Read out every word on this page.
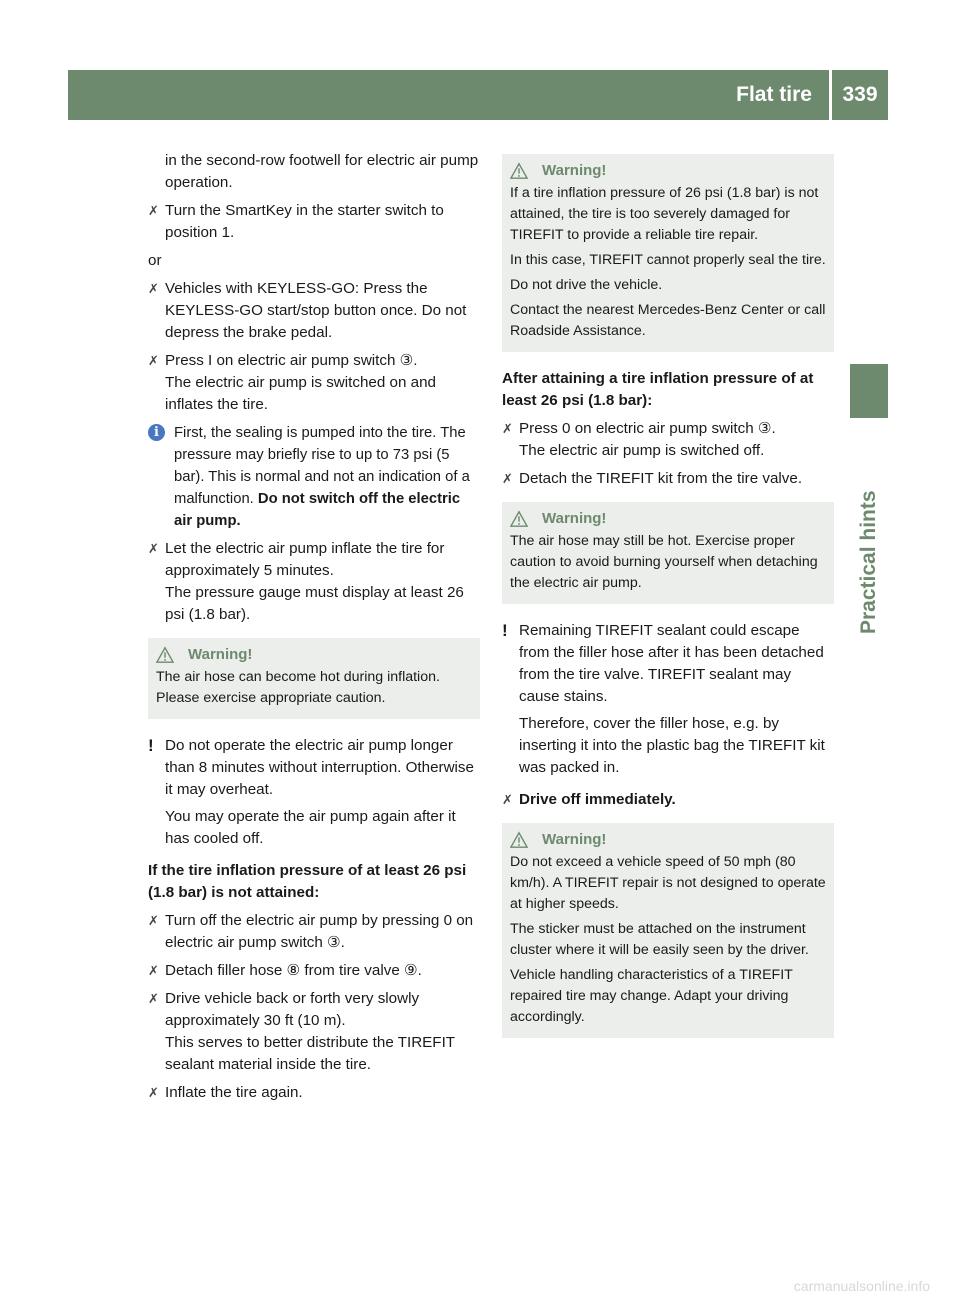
Flat tire	339
Practical hints

in the second-row footwell for electric air pump operation.

✗ Turn the SmartKey in the starter switch to position 1.

or

✗ Vehicles with KEYLESS-GO: Press the KEYLESS-GO start/stop button once. Do not depress the brake pedal.
✗ Press I on electric air pump switch ③.
The electric air pump is switched on and inflates the tire.
i	First, the sealing is pumped into the tire. The pressure may briefly rise to up to 73 psi (5 bar). This is normal and not an indication of a malfunction. Do not switch off the electric air pump.
✗ Let the electric air pump inflate the tire for approximately 5 minutes.
The pressure gauge must display at least 26 psi (1.8 bar).
Warning!

The air hose can become hot during inflation. Please exercise appropriate caution.

! Do not operate the electric air pump longer than 8 minutes without interruption. Otherwise it may overheat.

You may operate the air pump again after it has cooled off.

If the tire inflation pressure of at least 26 psi (1.8 bar) is not attained:

✗ Turn off the electric air pump by pressing 0 on electric air pump switch ③.
✗ Detach filler hose ⑧ from tire valve ⑨.
✗ Drive vehicle back or forth very slowly approximately 30 ft (10 m).
This serves to better distribute the TIREFIT sealant material inside the tire.
✗ Inflate the tire again.
Warning!

If a tire inflation pressure of 26 psi (1.8 bar) is not attained, the tire is too severely damaged for TIREFIT to provide a reliable tire repair.

In this case, TIREFIT cannot properly seal the tire.

Do not drive the vehicle.

Contact the nearest Mercedes-Benz Center or call Roadside Assistance.

After attaining a tire inflation pressure of at least 26 psi (1.8 bar):

✗ Press 0 on electric air pump switch ③.
The electric air pump is switched off.
✗ Detach the TIREFIT kit from the tire valve.
Warning!

The air hose may still be hot. Exercise proper caution to avoid burning yourself when detaching the electric air pump.

! Remaining TIREFIT sealant could escape from the filler hose after it has been detached from the tire valve. TIREFIT sealant may cause stains.

Therefore, cover the filler hose, e.g. by inserting it into the plastic bag the TIREFIT kit was packed in.

✗ Drive off immediately.
Warning!

Do not exceed a vehicle speed of 50 mph (80 km/h). A TIREFIT repair is not designed to operate at higher speeds.

The sticker must be attached on the instrument cluster where it will be easily seen by the driver.

Vehicle handling characteristics of a TIREFIT repaired tire may change. Adapt your driving accordingly.

carmanualsonline.info
